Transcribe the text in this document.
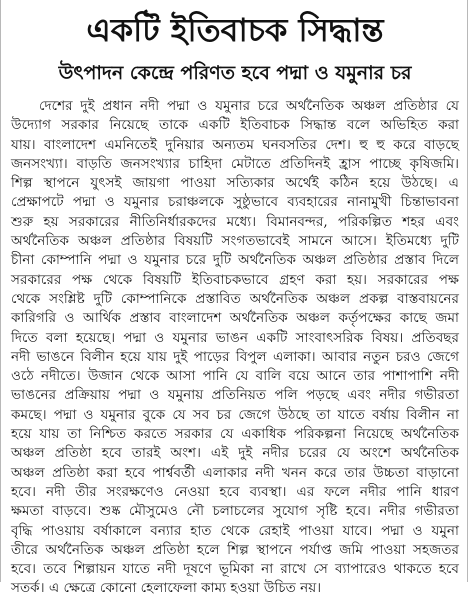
একটি ইতিবাচক সিদ্ধান্ত
উৎপাদন কেন্দ্রে পরিণত হবে পদ্মা ও যমুনার চর
দেশের দুই প্রধান নদী পদ্মা ও যমুনার চরে অর্থনৈতিক অঞ্চল প্রতিষ্ঠার যে
উদ্যোগ সরকার নিয়েছে তাকে একটি ইতিবাচক সিদ্ধান্ত বলে অভিহিত করা
যায়। বাংলাদেশ এমনিতেই দুনিয়ার অন্যতম ঘনবসতির দেশ। হু হু করে বাড়ছে
জনসংখ্যা। বাড়তি জনসংখ্যার চাহিদা মেটাতে প্রতিদিনই হ্রাস পাচ্ছে কৃষিজমি।
শিল্প স্থাপনে যুৎসই জায়গা পাওয়া সত্যিকার অর্থেই কঠিন হয়ে উঠছে। এ
প্রেক্ষাপটে পদ্মা ও যমুনার চরাঞ্চলকে সুষ্ঠুভাবে ব্যবহারের নানামুখী চিন্তাভাবনা
শুরু হয় সরকারের নীতিনির্ধারকদের মধ্যে। বিমানবন্দর, পরিকল্পিত শহর এবং
অর্থনৈতিক অঞ্চল প্রতিষ্ঠার বিষয়টি সংগতভাবেই সামনে আসে। ইতিমধ্যে দুটি
চীনা কোম্পানি পদ্মা ও যমুনার চরে দুটি অর্থনৈতিক অঞ্চল প্রতিষ্ঠার প্রস্তাব দিলে
সরকারের পক্ষ থেকে বিষয়টি ইতিবাচকভাবে গ্রহণ করা হয়। সরকারের পক্ষ
থেকে সংশ্লিষ্ট দুটি কোম্পানিকে প্রস্তাবিত অর্থনৈতিক অঞ্চল প্রকল্প বাস্তবায়নের
কারিগরি ও আর্থিক প্রস্তাব বাংলাদেশ অর্থনৈতিক অঞ্চল কর্তৃপক্ষের কাছে জমা
দিতে বলা হয়েছে। পদ্মা ও যমুনার ভাঙন একটি সাংবাৎসরিক বিষয়। প্রতিবছর
নদী ভাঙনে বিলীন হয়ে যায় দুই পাড়ের বিপুল এলাকা। আবার নতুন চরও জেগে
ওঠে নদীতে। উজান থেকে আসা পানি যে বালি বয়ে আনে তার পাশাপাশি নদী
ভাঙনের প্রক্রিয়ায় পদ্মা ও যমুনায় প্রতিনিয়ত পলি পড়ছে এবং নদীর গভীরতা
কমছে। পদ্মা ও যমুনার বুকে যে সব চর জেগে উঠছে তা যাতে বর্ষায় বিলীন না
হয়ে যায় তা নিশ্চিত করতে সরকার যে একাধিক পরিকল্পনা নিয়েছে অর্থনৈতিক
অঞ্চল প্রতিষ্ঠা হবে তারই অংশ। এই দুই নদীর চরের যে অংশে অর্থনৈতিক
অঞ্চল প্রতিষ্ঠা করা হবে পার্শ্ববর্তী এলাকার নদী খনন করে তার উচ্চতা বাড়ানো
হবে। নদী তীর সংরক্ষণেও নেওয়া হবে ব্যবস্থা। এর ফলে নদীর পানি ধারণ
ক্ষমতা বাড়বে। শুষ্ক মৌসুমেও নৌ চলাচলের সুযোগ সৃষ্টি হবে। নদীর গভীরতা
বৃদ্ধি পাওয়ায় বর্ষাকালে বন্যার হাত থেকে রেহাই পাওয়া যাবে। পদ্মা ও যমুনা
তীরে অর্থনৈতিক অঞ্চল প্রতিষ্ঠা হলে শিল্প স্থাপনে পর্যাপ্ত জমি পাওয়া সহজতর
হবে। তবে শিল্পায়ন যাতে নদী দূষণে ভূমিকা না রাখে সে ব্যাপারেও থাকতে হবে
সতর্ক। এ ক্ষেত্রে কোনো হেলাফেলা কাম্য হওয়া উচিত নয়।
